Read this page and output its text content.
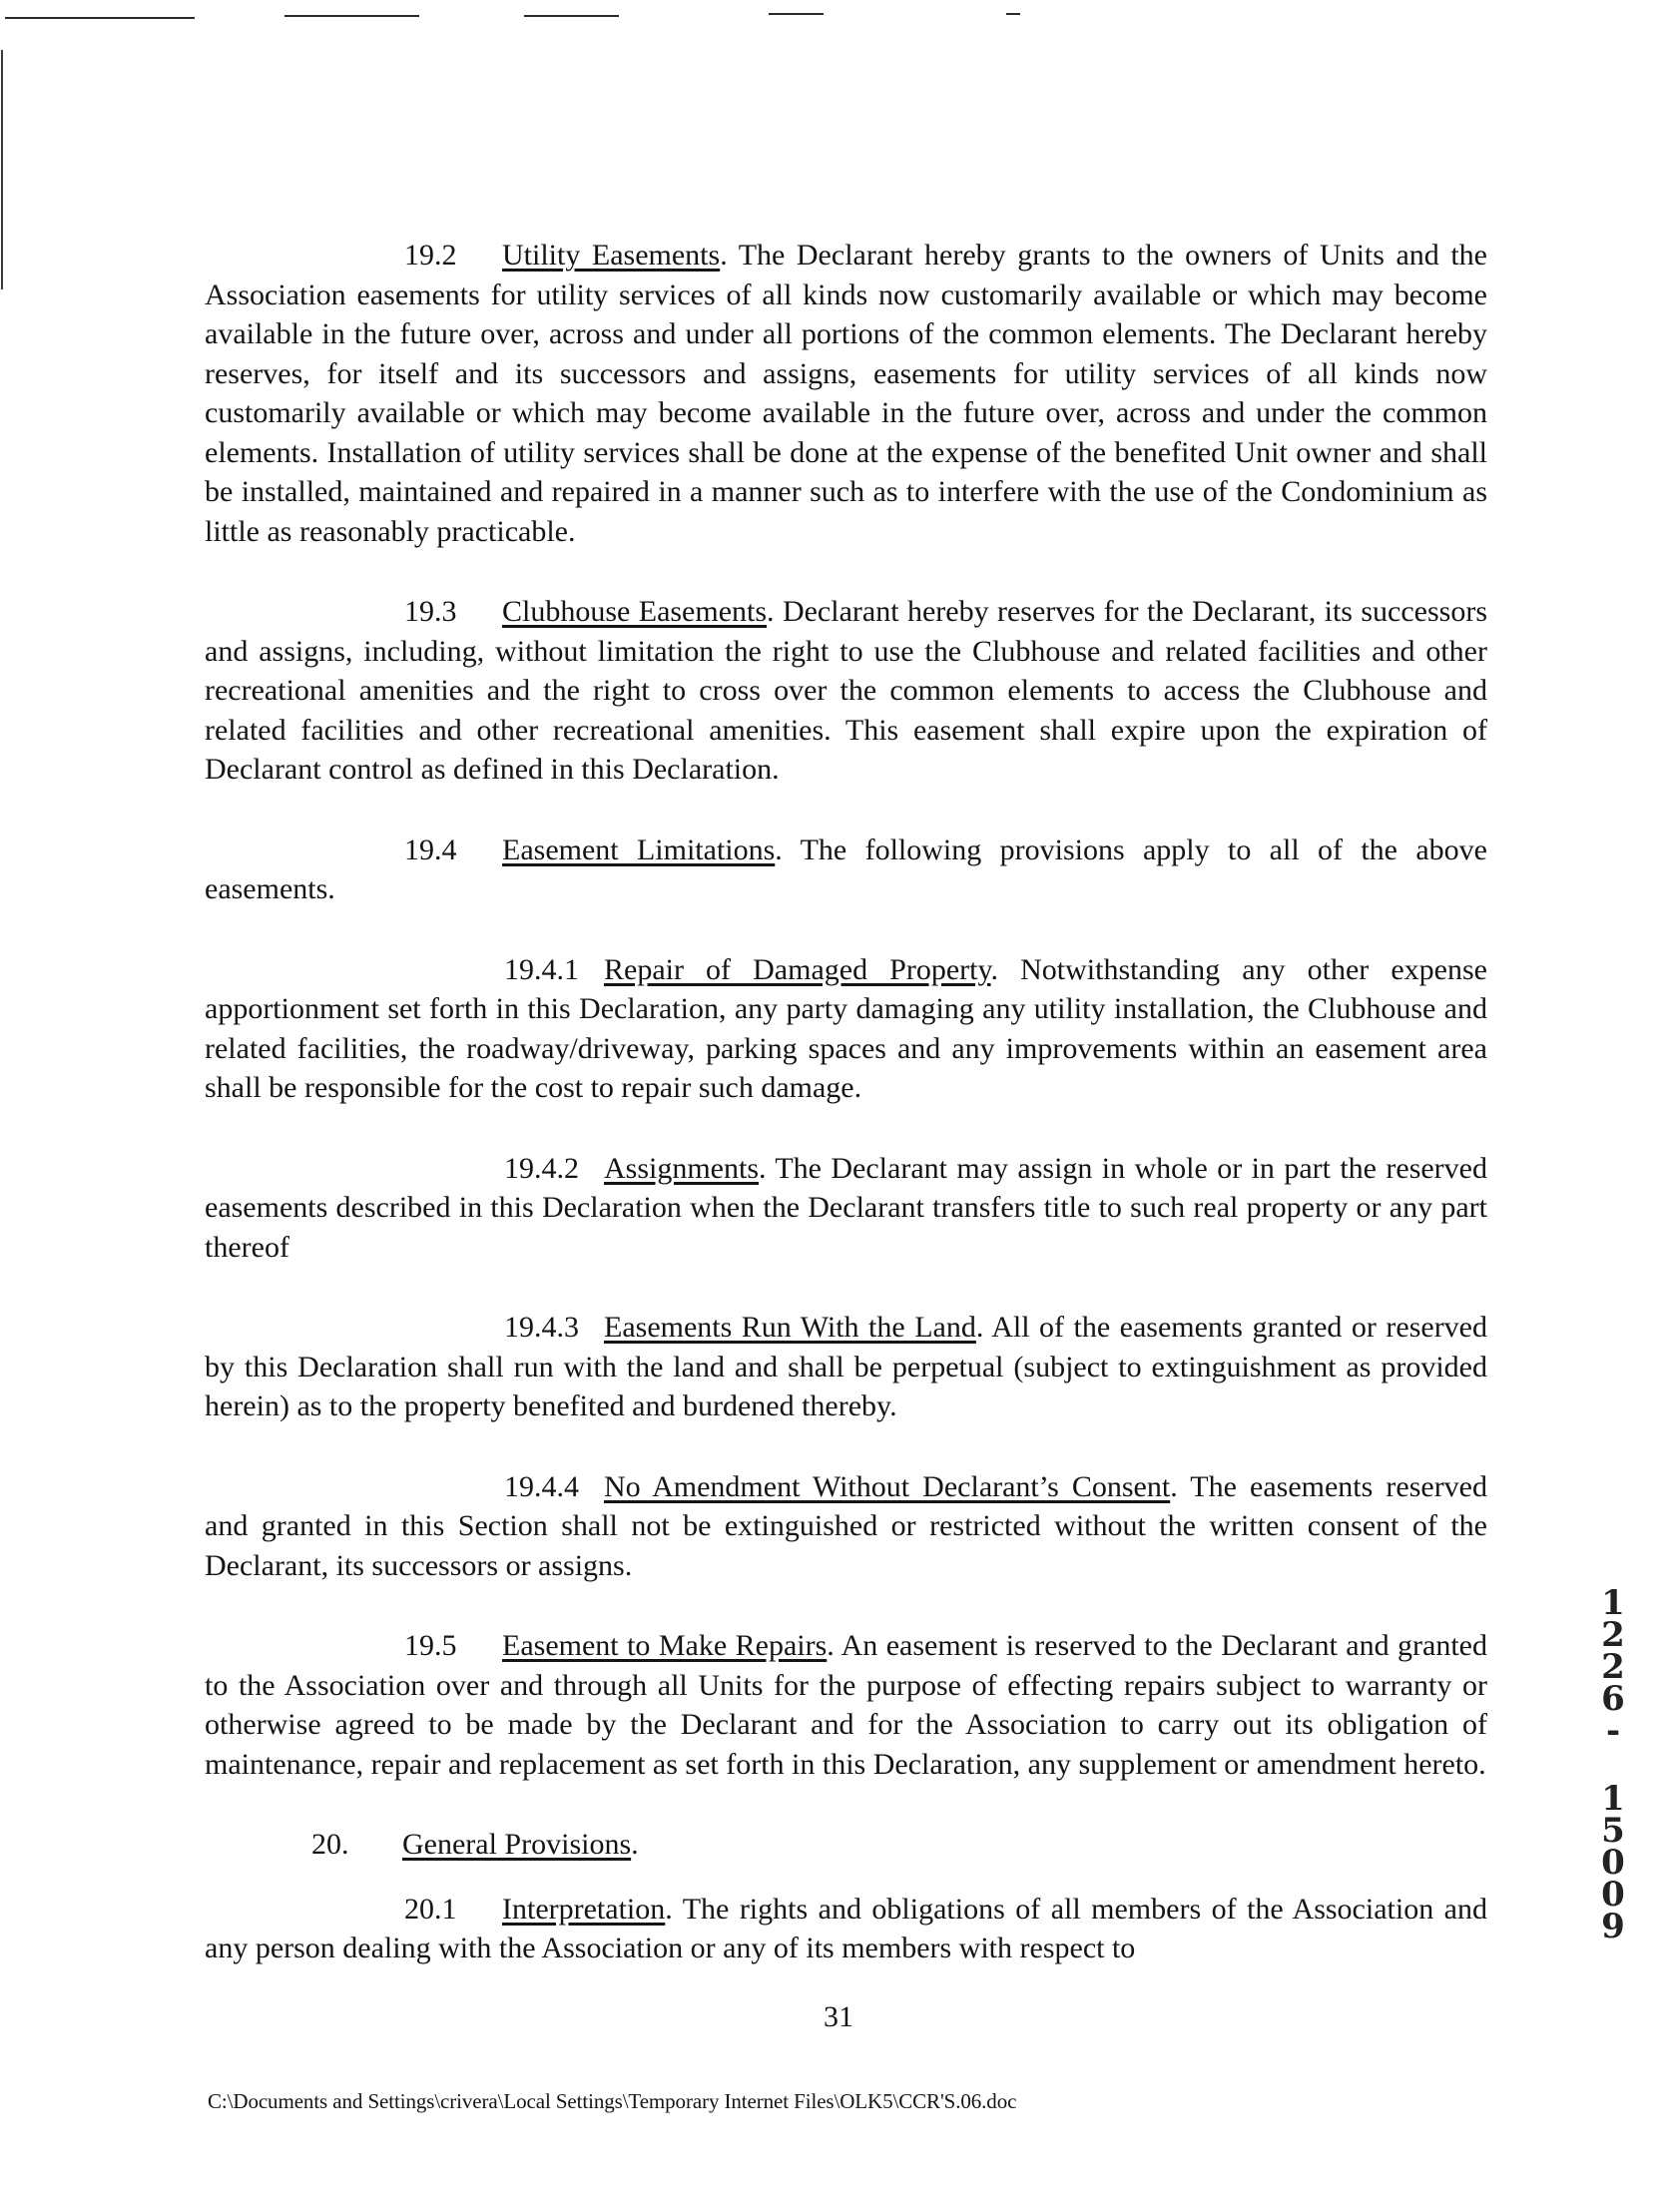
19.2 Utility Easements. The Declarant hereby grants to the owners of Units and the Association easements for utility services of all kinds now customarily available or which may become available in the future over, across and under all portions of the common elements. The Declarant hereby reserves, for itself and its successors and assigns, easements for utility services of all kinds now customarily available or which may become available in the future over, across and under the common elements. Installation of utility services shall be done at the expense of the benefited Unit owner and shall be installed, maintained and repaired in a manner such as to interfere with the use of the Condominium as little as reasonably practicable.

19.3 Clubhouse Easements. Declarant hereby reserves for the Declarant, its successors and assigns, including, without limitation the right to use the Clubhouse and related facilities and other recreational amenities and the right to cross over the common elements to access the Clubhouse and related facilities and other recreational amenities. This easement shall expire upon the expiration of Declarant control as defined in this Declaration.

19.4 Easement Limitations. The following provisions apply to all of the above easements.

19.4.1 Repair of Damaged Property. Notwithstanding any other expense apportionment set forth in this Declaration, any party damaging any utility installation, the Clubhouse and related facilities, the roadway/driveway, parking spaces and any improvements within an easement area shall be responsible for the cost to repair such damage.

19.4.2 Assignments. The Declarant may assign in whole or in part the reserved easements described in this Declaration when the Declarant transfers title to such real property or any part thereof

19.4.3 Easements Run With the Land. All of the easements granted or reserved by this Declaration shall run with the land and shall be perpetual (subject to extinguishment as provided herein) as to the property benefited and burdened thereby.

19.4.4 No Amendment Without Declarant’s Consent. The easements reserved and granted in this Section shall not be extinguished or restricted without the written consent of the Declarant, its successors or assigns.

19.5 Easement to Make Repairs. An easement is reserved to the Declarant and granted to the Association over and through all Units for the purpose of effecting repairs subject to warranty or otherwise agreed to be made by the Declarant and for the Association to carry out its obligation of maintenance, repair and replacement as set forth in this Declaration, any supplement or amendment hereto.

20. General Provisions.

20.1 Interpretation. The rights and obligations of all members of the Association and any person dealing with the Association or any of its members with respect to

31
C:\Documents and Settings\crivera\Local Settings\Temporary Internet Files\OLK5\CCR'S.06.doc
1
2
2
6
-
1
5
0
0
9
